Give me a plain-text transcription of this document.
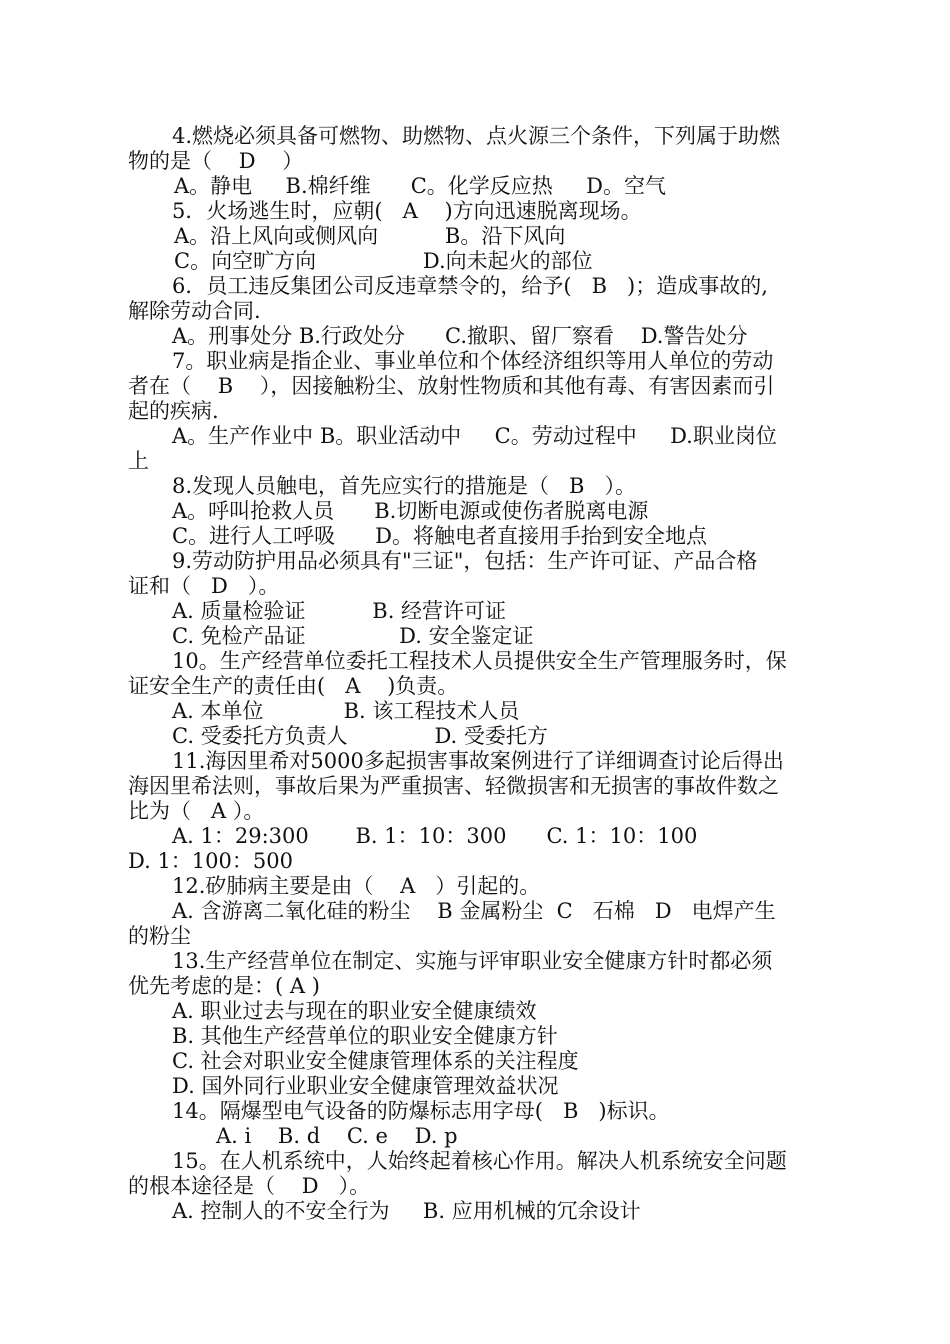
4.燃烧必须具备可燃物、助燃物、点火源三个条件，下列属于助燃
物的是（    D    ）
A。静电     B.棉纤维      C。化学反应热     D。空气
5．火场逃生时，应朝(   A    )方向迅速脱离现场。
A。沿上风向或侧风向          B。沿下风向
C。向空旷方向                D.向未起火的部位
6．员工违反集团公司反违章禁令的，给予(   B   )；造成事故的,
解除劳动合同.
A。刑事处分 B.行政处分      C.撤职、留厂察看    D.警告处分
7。职业病是指企业、事业单位和个体经济组织等用人单位的劳动
者在（    B    ），因接触粉尘、放射性物质和其他有毒、有害因素而引
起的疾病.
A。生产作业中 B。职业活动中     C。劳动过程中     D.职业岗位
上
8.发现人员触电，首先应实行的措施是（   B   ）。
A。呼叫抢救人员      B.切断电源或使伤者脱离电源
C。进行人工呼吸      D。将触电者直接用手抬到安全地点
9.劳动防护用品必须具有"三证"，包括：生产许可证、产品合格
证和（   D   ）。
A. 质量检验证          B. 经营许可证
C. 免检产品证              D. 安全鉴定证
10。生产经营单位委托工程技术人员提供安全生产管理服务时，保
证安全生产的责任由(   A    )负责。
A. 本单位            B. 该工程技术人员
C. 受委托方负责人             D. 受委托方
11.海因里希对5000多起损害事故案例进行了详细调查讨论后得出
海因里希法则，事故后果为严重损害、轻微损害和无损害的事故件数之
比为（   A ）。
A. 1：29:300       B. 1：10：300      C. 1：10：100
D. 1：100：500
12.矽肺病主要是由（    A   ）引起的。
A. 含游离二氧化硅的粉尘    B 金属粉尘  C   石棉   D   电焊产生
的粉尘
13.生产经营单位在制定、实施与评审职业安全健康方针时都必须
优先考虑的是：( A )
A. 职业过去与现在的职业安全健康绩效
B. 其他生产经营单位的职业安全健康方针
C. 社会对职业安全健康管理体系的关注程度
D. 国外同行业职业安全健康管理效益状况
14。隔爆型电气设备的防爆标志用字母(   B   )标识。
A. i    B. d    C. e    D. p
15。在人机系统中，人始终起着核心作用。解决人机系统安全问题
的根本途径是（    D   ）。
A. 控制人的不安全行为     B. 应用机械的冗余设计
